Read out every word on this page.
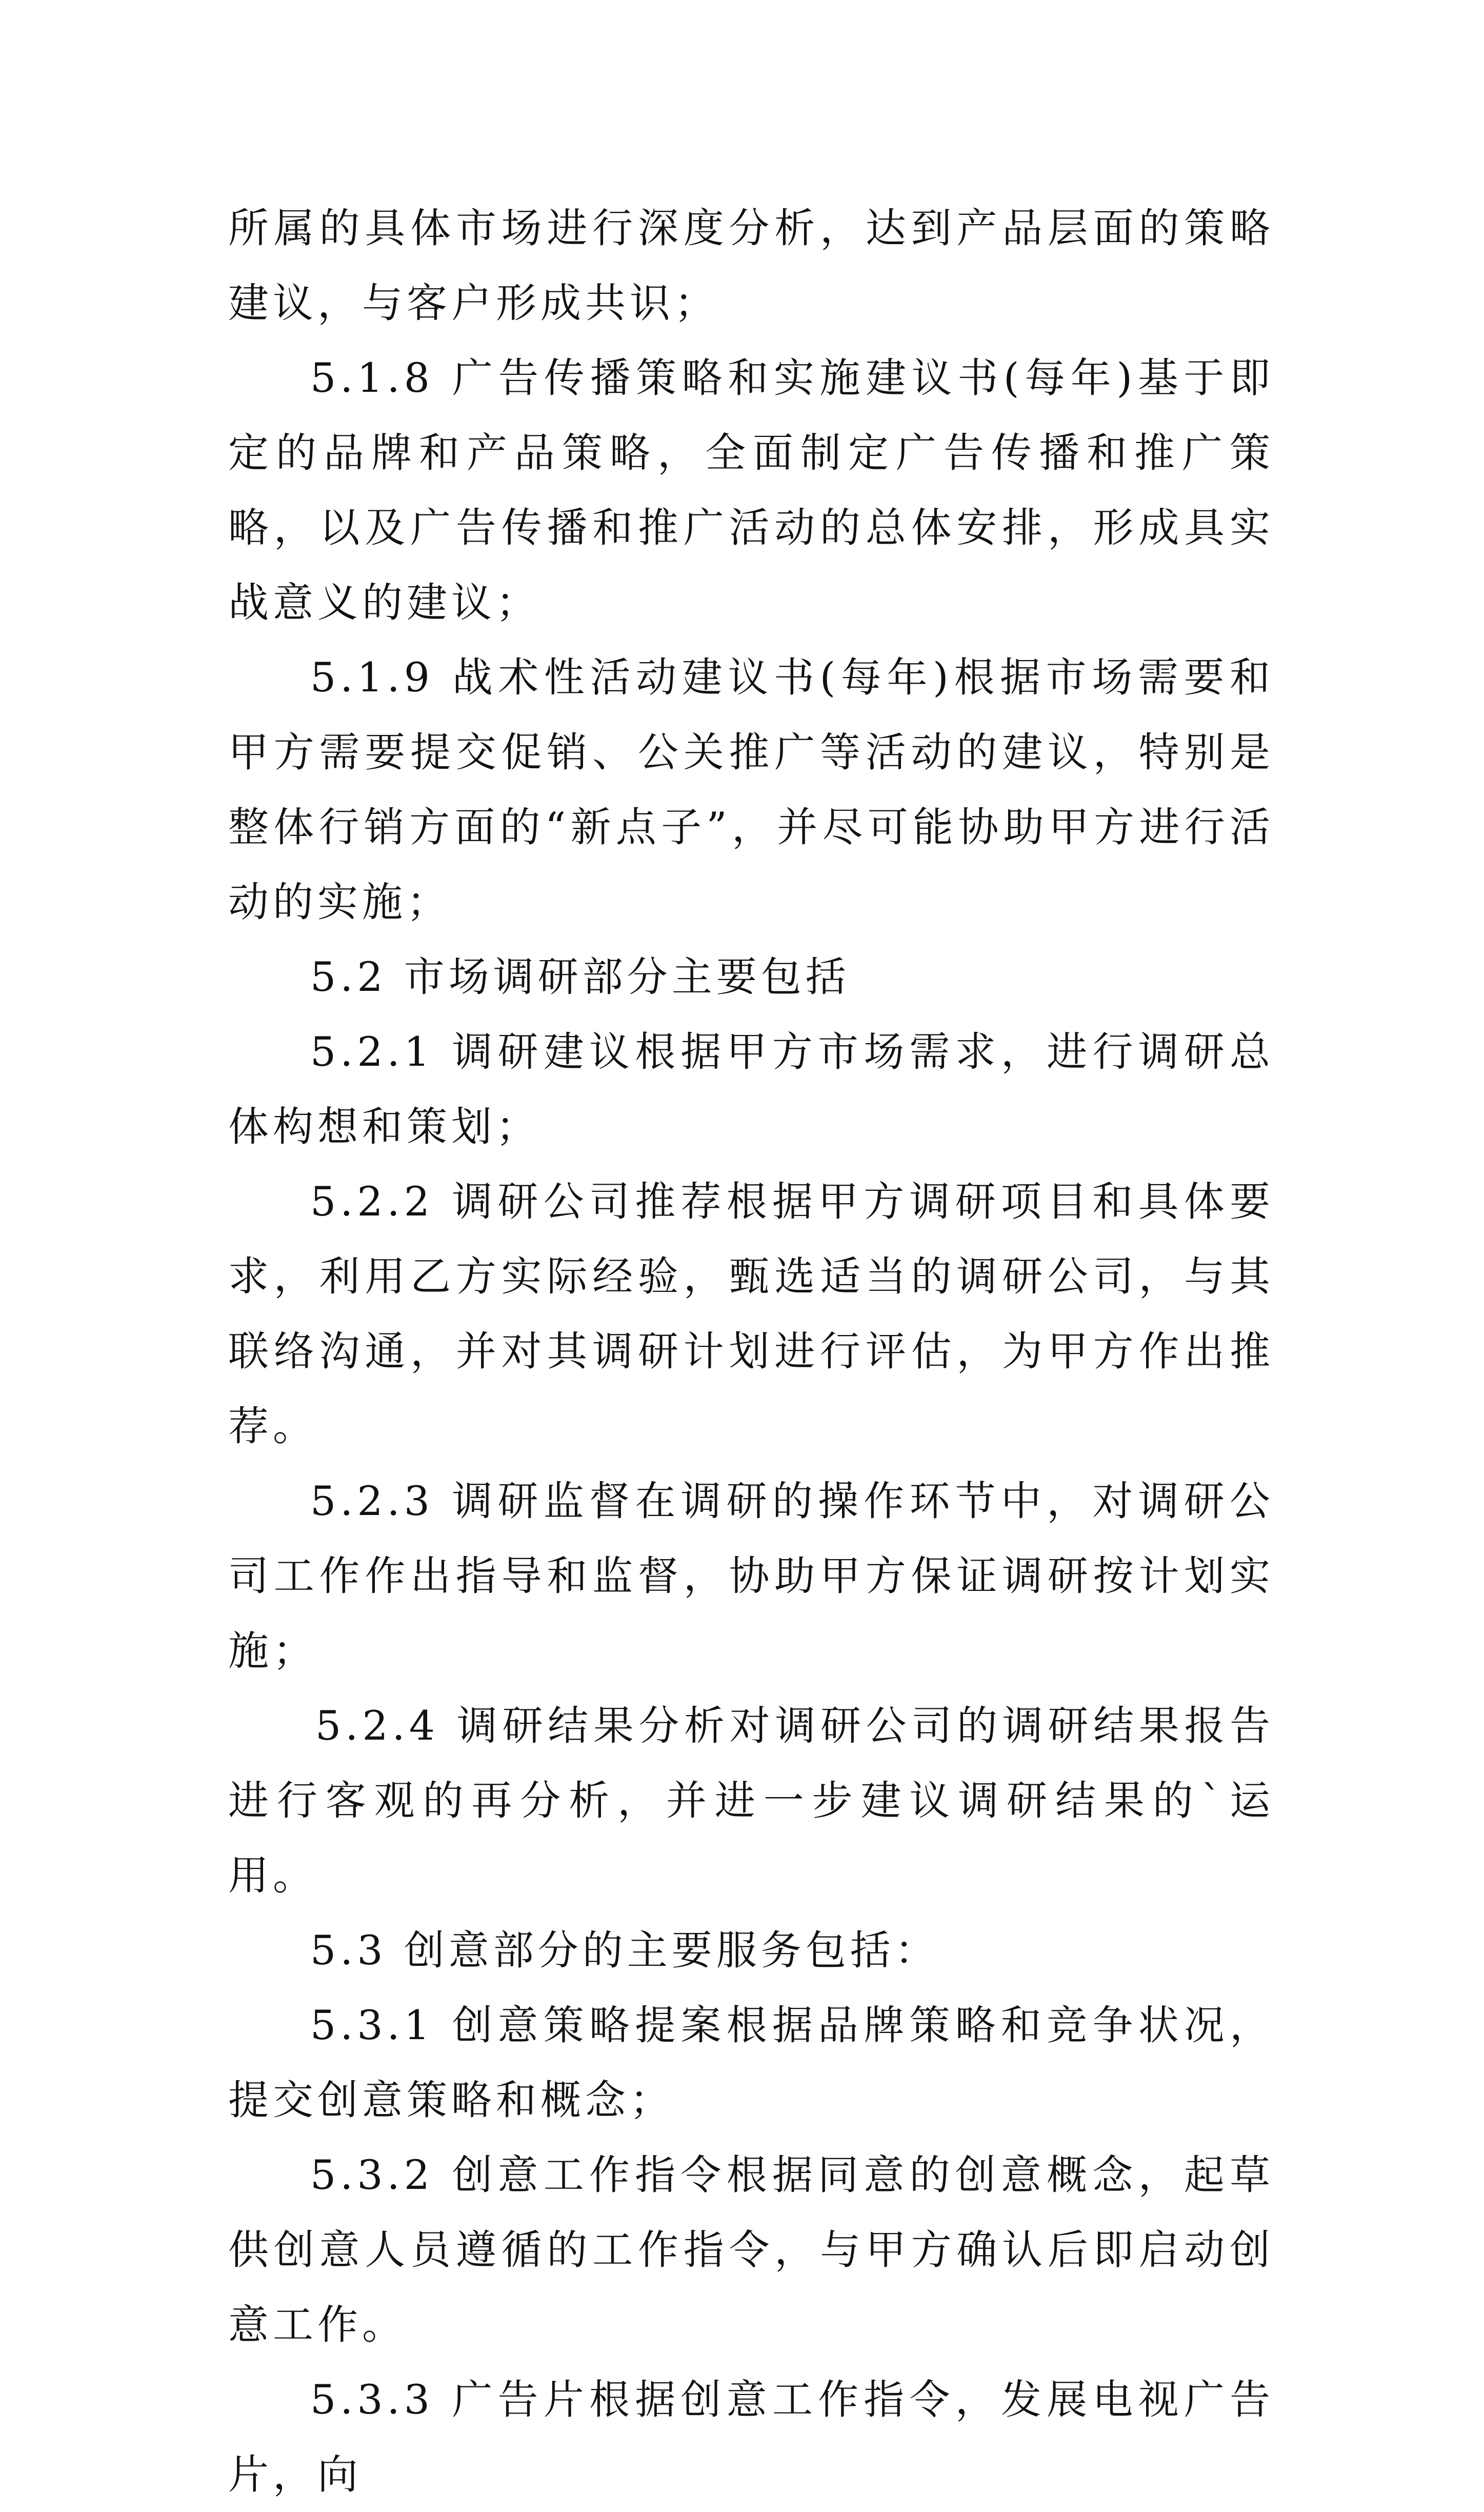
所属的具体市场进行深度分析，达到产品层面的策略建议，与客户形成共识；

5.1.8 广告传播策略和实施建议书(每年)基于即定的品牌和产品策略，全面制定广告传播和推广策略，以及广告传播和推广活动的总体安排，形成具实战意义的建议；

5.1.9 战术性活动建议书(每年)根据市场需要和甲方需要提交促销、公关推广等活动的建议，特别是整体行销方面的“新点子”，并尽可能协助甲方进行活动的实施；

5.2 市场调研部分主要包括

5.2.1 调研建议根据甲方市场需求，进行调研总体构想和策划；

5.2.2 调研公司推荐根据甲方调研项目和具体要求，利用乙方实际经验，甄选适当的调研公司，与其联络沟通，并对其调研计划进行评估，为甲方作出推荐。

5.2.3 调研监督在调研的操作环节中，对调研公司工作作出指导和监督，协助甲方保证调研按计划实施；

5.2.4 调研结果分析对调研公司的调研结果报告进行客观的再分析，并进一步建议调研结果的`运用。

5.3 创意部分的主要服务包括：

5.3.1 创意策略提案根据品牌策略和竞争状况，提交创意策略和概念；

5.3.2 创意工作指令根据同意的创意概念，起草供创意人员遵循的工作指令，与甲方确认后即启动创意工作。

5.3.3 广告片根据创意工作指令，发展电视广告片，向
